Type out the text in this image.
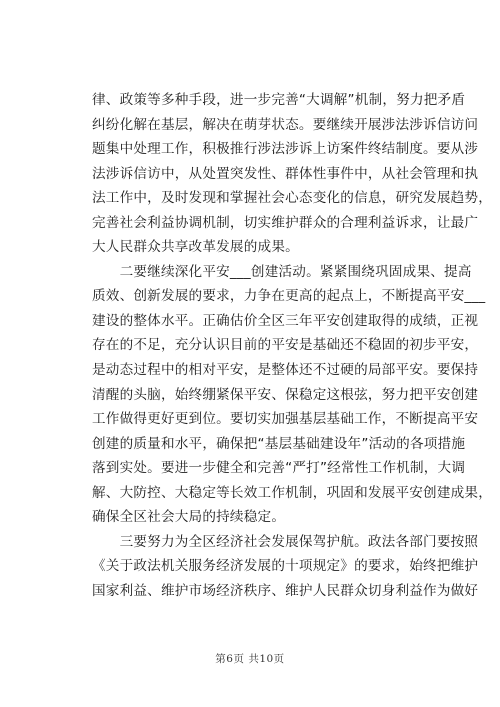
律、政策等多种手段，进一步完善“大调解”机制，努力把矛盾
纠纷化解在基层，解决在萌芽状态。要继续开展涉法涉诉信访问
题集中处理工作，积极推行涉法涉诉上访案件终结制度。要从涉
法涉诉信访中，从处置突发性、群体性事件中，从社会管理和执
法工作中，及时发现和掌握社会心态变化的信息，研究发展趋势，
完善社会利益协调机制，切实维护群众的合理利益诉求，让最广
大人民群众共享改革发展的成果。
　　二要继续深化平安___创建活动。紧紧围绕巩固成果、提高
质效、创新发展的要求，力争在更高的起点上，不断提高平安___
建设的整体水平。正确估价全区三年平安创建取得的成绩，正视
存在的不足，充分认识目前的平安是基础还不稳固的初步平安，
是动态过程中的相对平安，是整体还不过硬的局部平安。要保持
清醒的头脑，始终绷紧保平安、保稳定这根弦，努力把平安创建
工作做得更好更到位。要切实加强基层基础工作，不断提高平安
创建的质量和水平，确保把“基层基础建设年”活动的各项措施
落到实处。要进一步健全和完善“严打”经常性工作机制，大调
解、大防控、大稳定等长效工作机制，巩固和发展平安创建成果，
确保全区社会大局的持续稳定。
　　三要努力为全区经济社会发展保驾护航。政法各部门要按照
《关于政法机关服务经济发展的十项规定》的要求，始终把维护
国家利益、维护市场经济秩序、维护人民群众切身利益作为做好
第6页 共10页
